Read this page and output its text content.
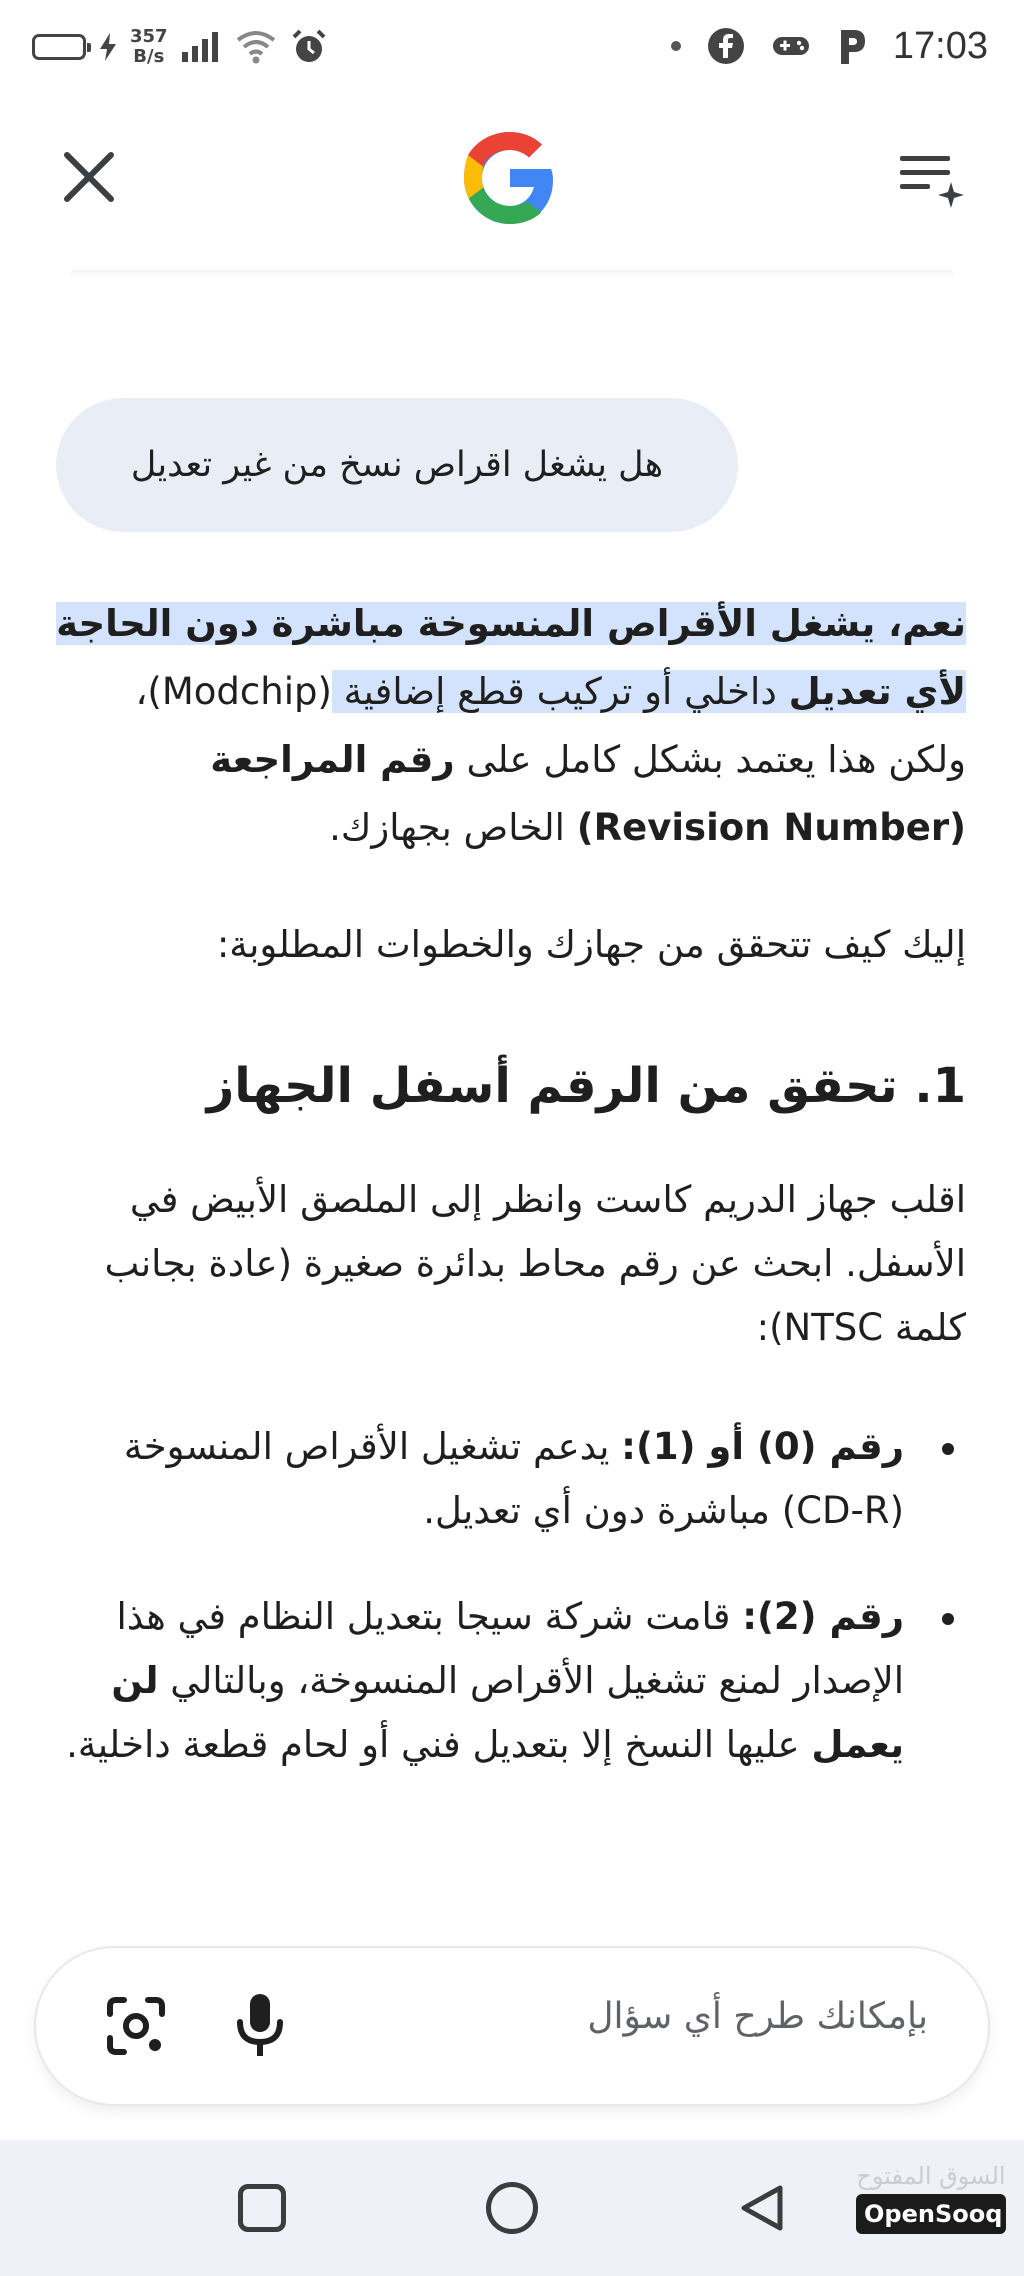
357
B/s	17:03
هل يشغل اقراص نسخ من غير تعديل
نعم، يشغل الأقراص المنسوخة مباشرة دون الحاجة لأي تعديل داخلي أو تركيب قطع إضافية (Modchip)، ولكن هذا يعتمد بشكل كامل على رقم المراجعة (Revision Number) الخاص بجهازك.
إليك كيف تتحقق من جهازك والخطوات المطلوبة:
1. تحقق من الرقم أسفل الجهاز
اقلب جهاز الدريم كاست وانظر إلى الملصق الأبيض في الأسفل. ابحث عن رقم محاط بدائرة صغيرة (عادة بجانب كلمة NTSC):
رقم (0) أو (1): يدعم تشغيل الأقراص المنسوخة (CD-R) مباشرة دون أي تعديل.
رقم (2): قامت شركة سيجا بتعديل النظام في هذا الإصدار لمنع تشغيل الأقراص المنسوخة، وبالتالي لن يعمل عليها النسخ إلا بتعديل فني أو لحام قطعة داخلية.
بإمكانك طرح أي سؤال
السوق المفتوح
OpenSooq
